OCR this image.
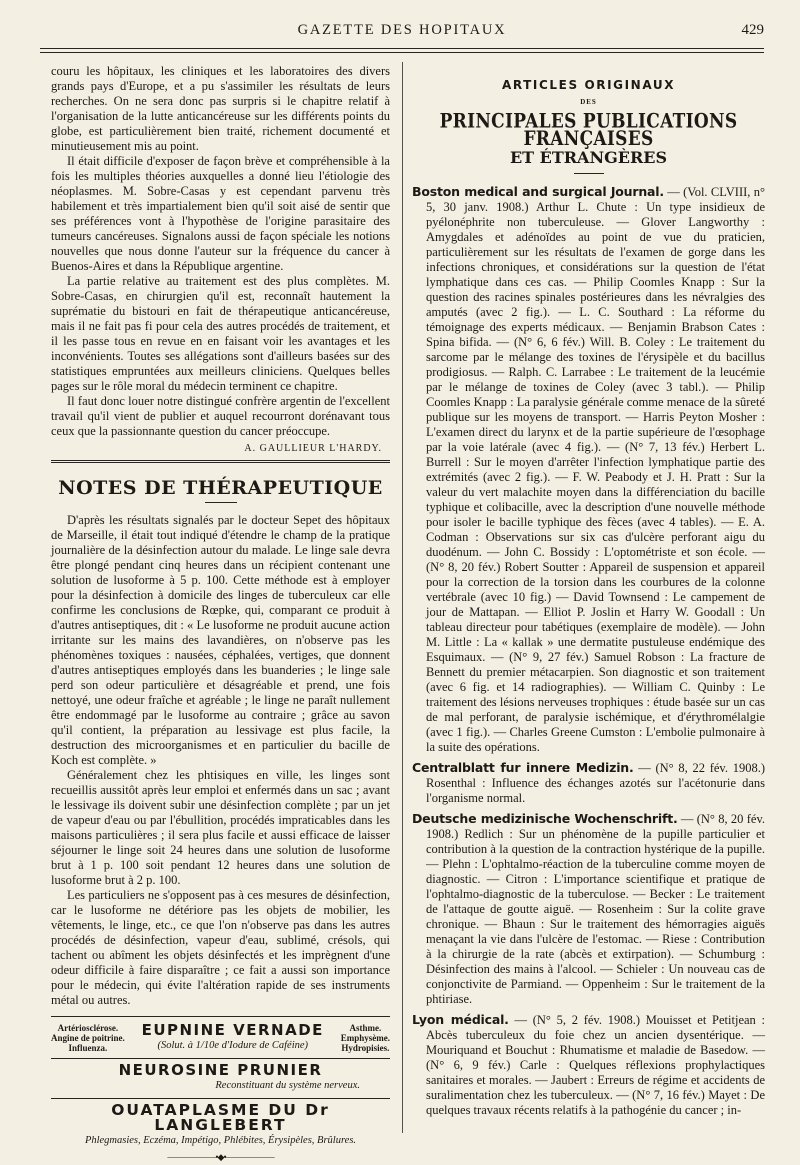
GAZETTE DES HOPITAUX	429

couru les hôpitaux, les cliniques et les laboratoires des divers grands pays d'Europe, et a pu s'assimiler les résultats de leurs recherches. On ne sera donc pas surpris si le chapitre relatif à l'organisation de la lutte anticancéreuse sur les différents points du globe, est particulièrement bien traité, richement documenté et minutieusement mis au point.

Il était difficile d'exposer de façon brève et compréhensible à la fois les multiples théories auxquelles a donné lieu l'étiologie des néoplasmes. M. Sobre-Casas y est cependant parvenu très habilement et très impartialement bien qu'il soit aisé de sentir que ses préférences vont à l'hypothèse de l'origine parasitaire des tumeurs cancéreuses. Signalons aussi de façon spéciale les notions nouvelles que nous donne l'auteur sur la fréquence du cancer à Buenos-Aires et dans la République argentine.

La partie relative au traitement est des plus complètes. M. Sobre-Casas, en chirurgien qu'il est, reconnaît hautement la suprématie du bistouri en fait de thérapeutique anticancéreuse, mais il ne fait pas fi pour cela des autres procédés de traitement, et il les passe tous en revue en en faisant voir les avantages et les inconvénients. Toutes ses allégations sont d'ailleurs basées sur des statistiques empruntées aux meilleurs cliniciens. Quelques belles pages sur le rôle moral du médecin terminent ce chapitre.

Il faut donc louer notre distingué confrère argentin de l'excellent travail qu'il vient de publier et auquel recourront dorénavant tous ceux que la passionnante question du cancer préoccupe.

A. GAULLIEUR L'HARDY.
NOTES DE THÉRAPEUTIQUE

D'après les résultats signalés par le docteur Sepet des hôpitaux de Marseille, il était tout indiqué d'étendre le champ de la pratique journalière de la désinfection autour du malade. Le linge sale devra être plongé pendant cinq heures dans un récipient contenant une solution de lusoforme à 5 p. 100. Cette méthode est à employer pour la désinfection à domicile des linges de tuberculeux car elle confirme les conclusions de Rœpke, qui, comparant ce produit à d'autres antiseptiques, dit : « Le lusoforme ne produit aucune action irritante sur les mains des lavandières, on n'observe pas les phénomènes toxiques : nausées, céphalées, vertiges, que donnent d'autres antiseptiques employés dans les buanderies ; le linge sale perd son odeur particulière et désagréable et prend, une fois nettoyé, une odeur fraîche et agréable ; le linge ne paraît nullement être endommagé par le lusoforme au contraire ; grâce au savon qu'il contient, la préparation au lessivage est plus facile, la destruction des microorganismes et en particulier du bacille de Koch est complète. »

Généralement chez les phtisiques en ville, les linges sont recueillis aussitôt après leur emploi et enfermés dans un sac ; avant le lessivage ils doivent subir une désinfection complète ; par un jet de vapeur d'eau ou par l'ébullition, procédés impraticables dans les maisons particulières ; il sera plus facile et aussi efficace de laisser séjourner le linge soit 24 heures dans une solution de lusoforme brut à 1 p. 100 soit pendant 12 heures dans une solution de lusoforme brut à 2 p. 100.

Les particuliers ne s'opposent pas à ces mesures de désinfection, car le lusoforme ne détériore pas les objets de mobilier, les vêtements, le linge, etc., ce que l'on n'observe pas dans les autres procédés de désinfection, vapeur d'eau, sublimé, crésols, qui tachent ou abîment les objets désinfectés et les imprègnent d'une odeur difficile à faire disparaître ; ce fait a aussi son importance pour le médecin, qui évite l'altération rapide de ses instruments métal ou autres.

Artériosclérose.
Angine de poitrine.
Influenza.
EUPNINE VERNADE
(Solut. à 1/10e d'Iodure de Caféine)
Asthme.
Emphysème.
Hydropisies.
NEUROSINE PRUNIER
Reconstituant du système nerveux.
OUATAPLASME DU Dr LANGLEBERT
Phlegmasies, Eczéma, Impétigo, Phlébites, Érysipèles, Brûlures.
——————•◆•——————
ARTICLES ORIGINAUX
DES
PRINCIPALES PUBLICATIONS FRANÇAISES
ET ÉTRANGÈRES

Boston medical and surgical Journal. — (Vol. CLVIII, n° 5, 30 janv. 1908.) Arthur L. Chute : Un type insidieux de pyélonéphrite non tuberculeuse. — Glover Langworthy : Amygdales et adénoïdes au point de vue du praticien, particulièrement sur les résultats de l'examen de gorge dans les infections chroniques, et considérations sur la question de l'état lymphatique dans ces cas. — Philip Coomles Knapp : Sur la question des racines spinales postérieures dans les névralgies des amputés (avec 2 fig.). — L. C. Southard : La réforme du témoignage des experts médicaux. — Benjamin Brabson Cates : Spina bifida. — (N° 6, 6 fév.) Will. B. Coley : Le traitement du sarcome par le mélange des toxines de l'érysipèle et du bacillus prodigiosus. — Ralph. C. Larrabee : Le traitement de la leucémie par le mélange de toxines de Coley (avec 3 tabl.). — Philip Coomles Knapp : La paralysie générale comme menace de la sûreté publique sur les moyens de transport. — Harris Peyton Mosher : L'examen direct du larynx et de la partie supérieure de l'œsophage par la voie latérale (avec 4 fig.). — (N° 7, 13 fév.) Herbert L. Burrell : Sur le moyen d'arrêter l'infection lymphatique partie des extrémités (avec 2 fig.). — F. W. Peabody et J. H. Pratt : Sur la valeur du vert malachite moyen dans la différenciation du bacille typhique et colibacille, avec la description d'une nouvelle méthode pour isoler le bacille typhique des fèces (avec 4 tables). — E. A. Codman : Observations sur six cas d'ulcère perforant aigu du duodénum. — John C. Bossidy : L'optométriste et son école. — (N° 8, 20 fév.) Robert Soutter : Appareil de suspension et appareil pour la correction de la torsion dans les courbures de la colonne vertébrale (avec 10 fig.) — David Townsend : Le campement de jour de Mattapan. — Elliot P. Joslin et Harry W. Goodall : Un tableau directeur pour tabétiques (exemplaire de modèle). — John M. Little : La « kallak » une dermatite pustuleuse endémique des Esquimaux. — (N° 9, 27 fév.) Samuel Robson : La fracture de Bennett du premier métacarpien. Son diagnostic et son traitement (avec 6 fig. et 14 radiographies). — William C. Quinby : Le traitement des lésions nerveuses trophiques : étude basée sur un cas de mal perforant, de paralysie ischémique, et d'érythromélalgie (avec 1 fig.). — Charles Greene Cumston : L'embolie pulmonaire à la suite des opérations.

Centralblatt fur innere Medizin. — (N° 8, 22 fév. 1908.) Rosenthal : Influence des échanges azotés sur l'acétonurie dans l'organisme normal.

Deutsche medizinische Wochenschrift. — (N° 8, 20 fév. 1908.) Redlich : Sur un phénomène de la pupille particulier et contribution à la question de la contraction hystérique de la pupille. — Plehn : L'ophtalmo-réaction de la tuberculine comme moyen de diagnostic. — Citron : L'importance scientifique et pratique de l'ophtalmo-diagnostic de la tuberculose. — Becker : Le traitement de l'attaque de goutte aiguë. — Rosenheim : Sur la colite grave chronique. — Bhaun : Sur le traitement des hémorragies aiguës menaçant la vie dans l'ulcère de l'estomac. — Riese : Contribution à la chirurgie de la rate (abcès et extirpation). — Schumburg : Désinfection des mains à l'alcool. — Schieler : Un nouveau cas de conjonctivite de Parmiand. — Oppenheim : Sur le traitement de la phtiriase.

Lyon médical. — (N° 5, 2 fév. 1908.) Mouisset et Petitjean : Abcès tuberculeux du foie chez un ancien dysentérique. — Mouriquand et Bouchut : Rhumatisme et maladie de Basedow. — (N° 6, 9 fév.) Carle : Quelques réflexions prophylactiques sanitaires et morales. — Jaubert : Erreurs de régime et accidents de suralimentation chez les tuberculeux. — (N° 7, 16 fév.) Mayet : De quelques travaux récents relatifs à la pathogénie du cancer ; in-
